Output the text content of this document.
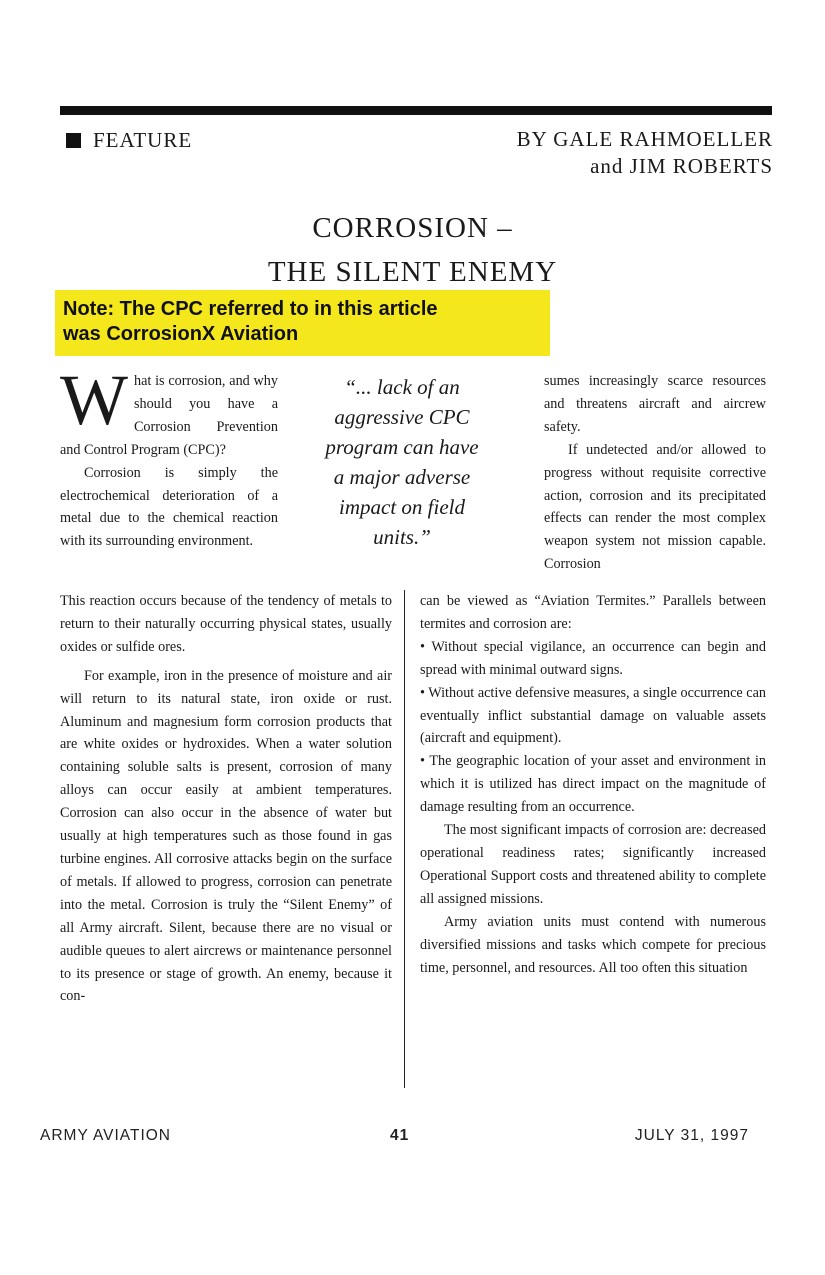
FEATURE	BY GALE RAHMOELLER
and JIM ROBERTS
CORROSION –
THE SILENT ENEMY
Note: The CPC referred to in this article
was CorrosionX Aviation

W hat is corrosion, and why should you have a Corrosion Prevention and Control Program (CPC)?

Corrosion is simply the electrochemical deterioration of a metal due to the chemical reaction with its surrounding environment.

“... lack of an
aggressive CPC
program can have
a major adverse
impact on field
units.”

sumes increasingly scarce resources and threatens aircraft and aircrew safety.

If undetected and/or allowed to progress without requisite corrective action, corrosion and its precipitated effects can render the most complex weapon system not mission capable. Corrosion

This reaction occurs because of the tendency of metals to return to their naturally occurring physical states, usually oxides or sulfide ores.

For example, iron in the presence of moisture and air will return to its natural state, iron oxide or rust. Aluminum and magnesium form corrosion products that are white oxides or hydroxides. When a water solution containing soluble salts is present, corrosion of many alloys can occur easily at ambient temperatures. Corrosion can also occur in the absence of water but usually at high temperatures such as those found in gas turbine engines. All corrosive attacks begin on the surface of metals. If allowed to progress, corrosion can penetrate into the metal. Corrosion is truly the “Silent Enemy” of all Army aircraft. Silent, because there are no visual or audible queues to alert aircrews or maintenance personnel to its presence or stage of growth. An enemy, because it con-

can be viewed as “Aviation Termites.” Parallels between termites and corrosion are:

• Without special vigilance, an occurrence can begin and spread with minimal outward signs.

• Without active defensive measures, a single occurrence can eventually inflict substantial damage on valuable assets (aircraft and equipment).

• The geographic location of your asset and environment in which it is utilized has direct impact on the magnitude of damage resulting from an occurrence.

The most significant impacts of corrosion are: decreased operational readiness rates; significantly increased Operational Support costs and threatened ability to complete all assigned missions.

Army aviation units must contend with numerous diversified missions and tasks which compete for precious time, personnel, and resources. All too often this situation

ARMY AVIATION	41	JULY 31, 1997
